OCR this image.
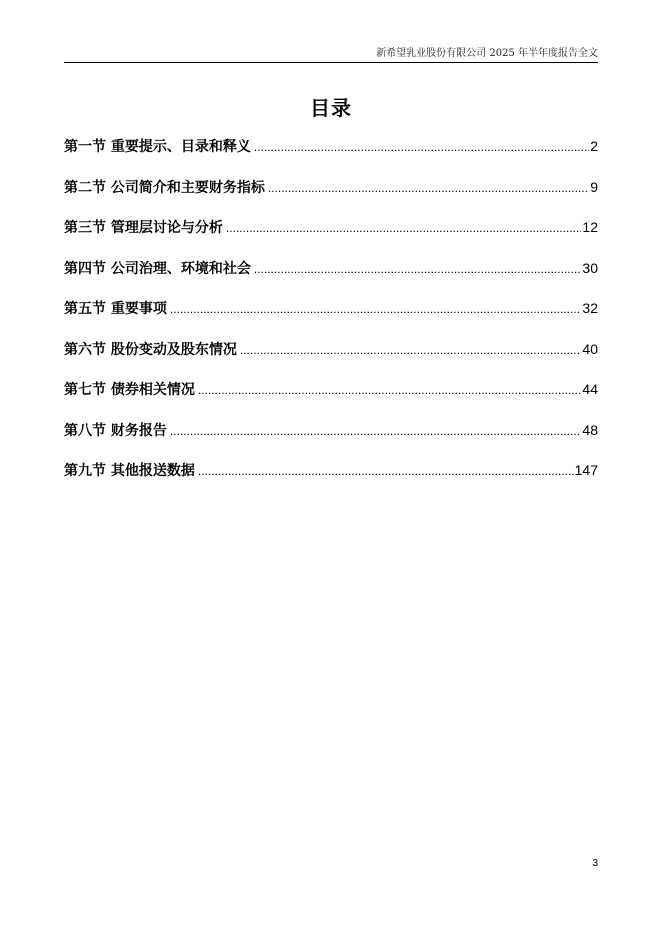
新希望乳业股份有限公司 2025 年半年度报告全文
目录
第一节 重要提示、目录和释义 .....	2
第二节 公司简介和主要财务指标 .....	9
第三节 管理层讨论与分析 .....	12
第四节 公司治理、环境和社会 .....	30
第五节 重要事项 .....	32
第六节 股份变动及股东情况 .....	40
第七节 债券相关情况 .....	44
第八节 财务报告 .....	48
第九节 其他报送数据 .....	147
3
